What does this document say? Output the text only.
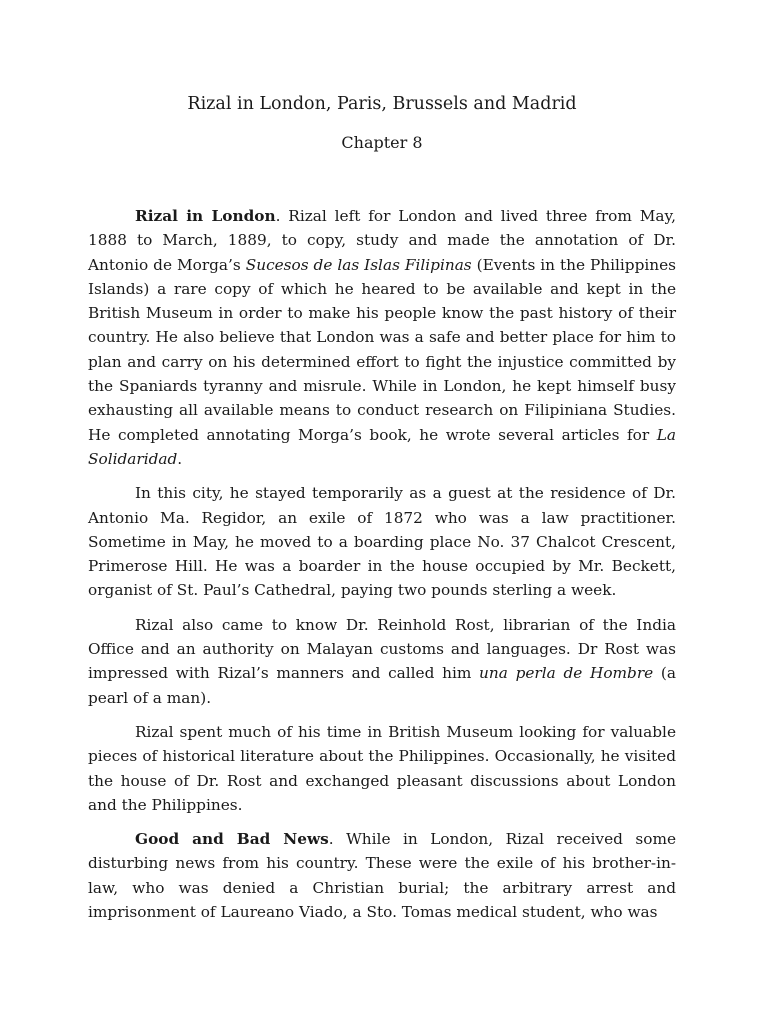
Rizal in London, Paris, Brussels and Madrid
Chapter 8

Rizal in London. Rizal left for London and lived three from May, 1888 to March, 1889, to copy, study and made the annotation of Dr. Antonio de Morga’s Sucesos de las Islas Filipinas (Events in the Philippines Islands) a rare copy of which he heared to be available and kept in the British Museum in order to make his people know the past history of their country. He also believe that London was a safe and better place for him to plan and carry on his determined effort to fight the injustice committed by the Spaniards tyranny and misrule. While in London, he kept himself busy exhausting all available means to conduct research on Filipiniana Studies. He completed annotating Morga’s book, he wrote several articles for La Solidaridad.

In this city, he stayed temporarily as a guest at the residence of Dr. Antonio Ma. Regidor, an exile of 1872 who was a law practitioner. Sometime in May, he moved to a boarding place No. 37 Chalcot Crescent, Primerose Hill. He was a boarder in the house occupied by Mr. Beckett, organist of St. Paul’s Cathedral, paying two pounds sterling a week.

Rizal also came to know Dr. Reinhold Rost, librarian of the India Office and an authority on Malayan customs and languages. Dr Rost was impressed with Rizal’s manners and called him una perla de Hombre (a pearl of a man).

Rizal spent much of his time in British Museum looking for valuable pieces of historical literature about the Philippines. Occasionally, he visited the house of Dr. Rost and exchanged pleasant discussions about London and the Philippines.

Good and Bad News. While in London, Rizal received some disturbing news from his country. These were the exile of his brother-in-law, who was denied a Christian burial; the arbitrary arrest and imprisonment of Laureano Viado, a Sto. Tomas medical student, who was
